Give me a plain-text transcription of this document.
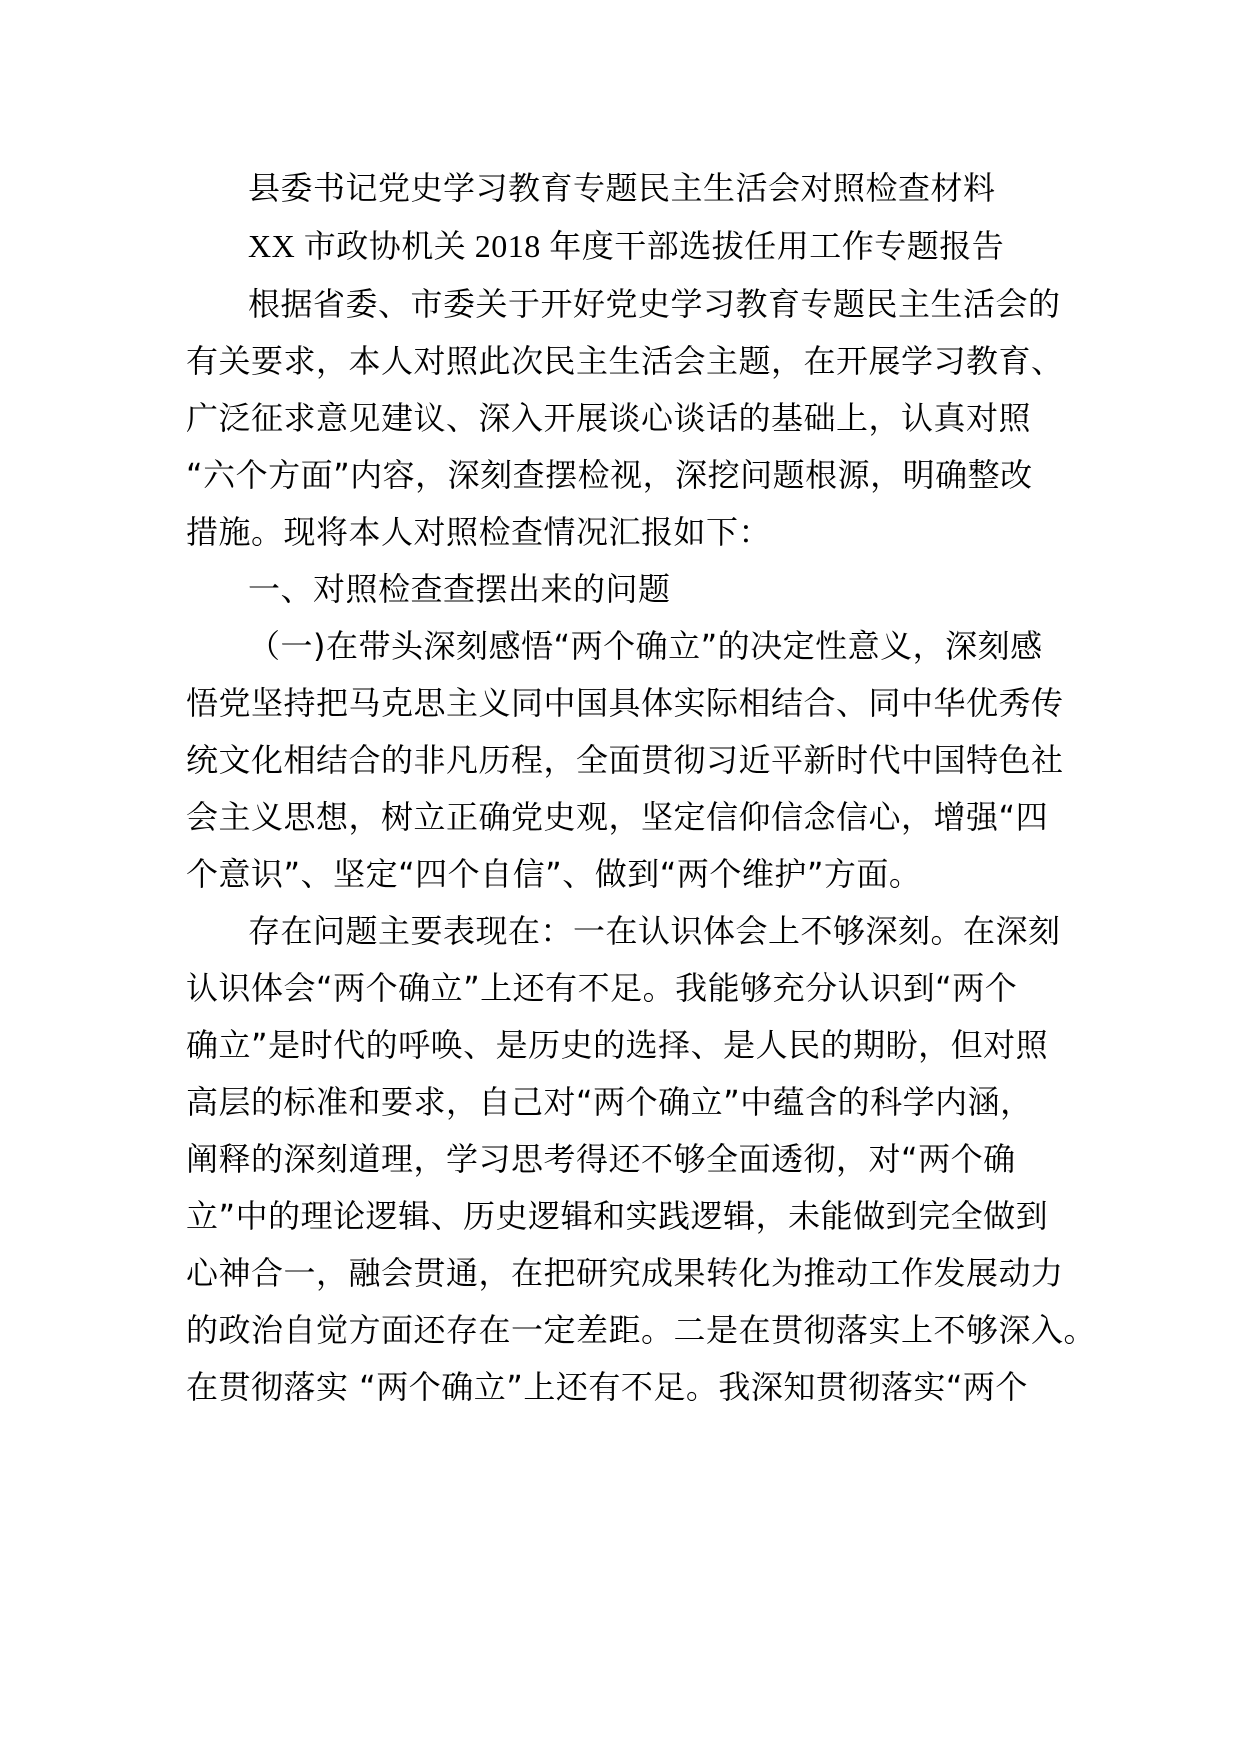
县委书记党史学习教育专题民主生活会对照检查材料
XX 市政协机关 2018 年度干部选拔任用工作专题报告
根据省委、市委关于开好党史学习教育专题民主生活会的
有关要求，本人对照此次民主生活会主题，在开展学习教育、
广泛征求意见建议、深入开展谈心谈话的基础上，认真对照
“六个方面”内容，深刻查摆检视，深挖问题根源，明确整改
措施。现将本人对照检查情况汇报如下：
一、对照检查查摆出来的问题
（一)在带头深刻感悟“两个确立”的决定性意义，深刻感
悟党坚持把马克思主义同中国具体实际相结合、同中华优秀传
统文化相结合的非凡历程，全面贯彻习近平新时代中国特色社
会主义思想，树立正确党史观，坚定信仰信念信心，增强“四
个意识”、坚定“四个自信”、做到“两个维护”方面。
存在问题主要表现在：一在认识体会上不够深刻。在深刻
认识体会“两个确立”上还有不足。我能够充分认识到“两个
确立”是时代的呼唤、是历史的选择、是人民的期盼，但对照
高层的标准和要求，自己对“两个确立”中蕴含的科学内涵，
阐释的深刻道理，学习思考得还不够全面透彻，对“两个确
立”中的理论逻辑、历史逻辑和实践逻辑，未能做到完全做到
心神合一，融会贯通，在把研究成果转化为推动工作发展动力
的政治自觉方面还存在一定差距。二是在贯彻落实上不够深入。
在贯彻落实 “两个确立”上还有不足。我深知贯彻落实“两个
